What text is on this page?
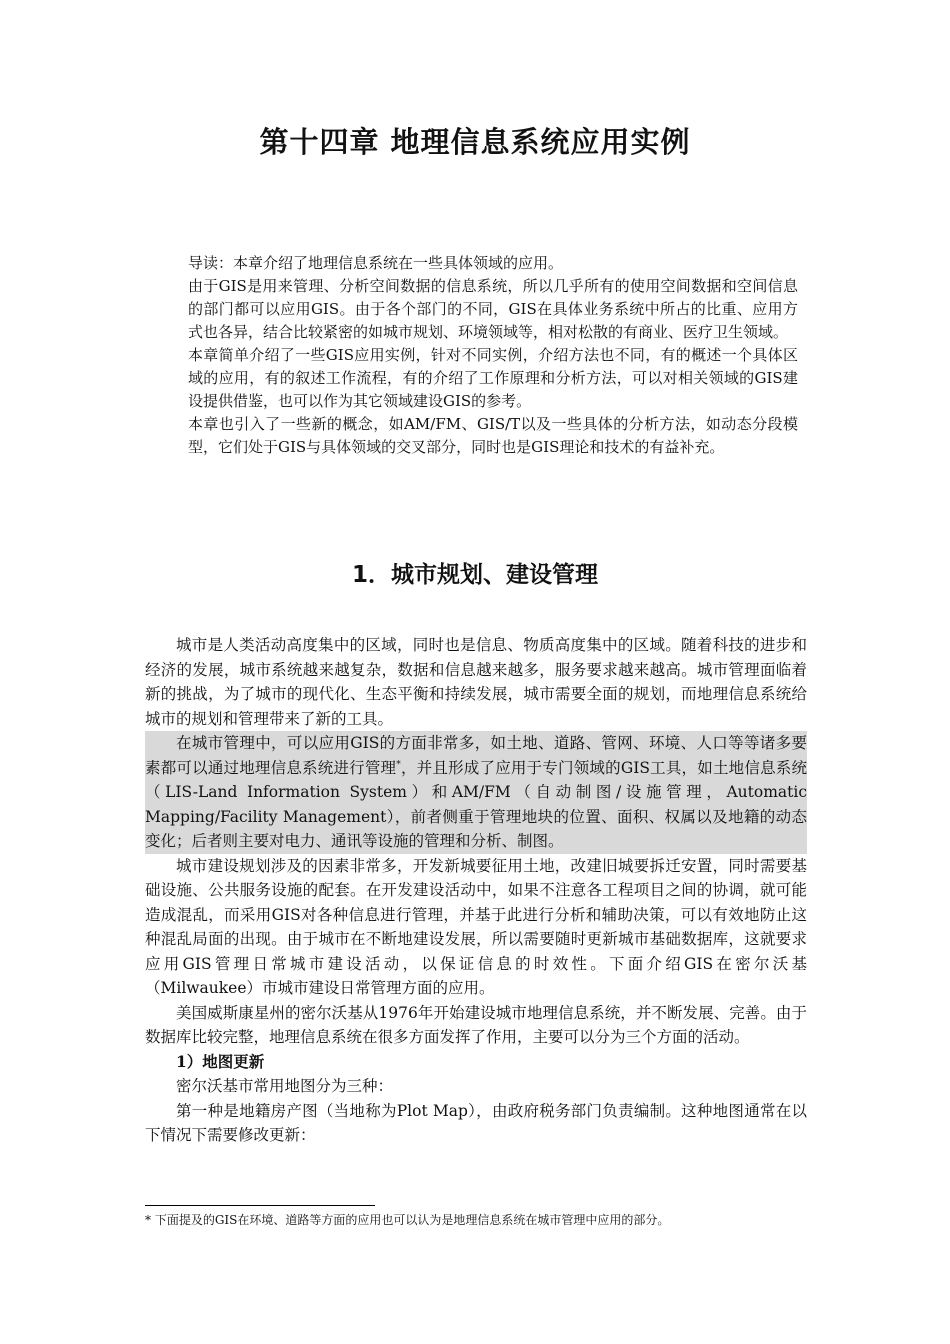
第十四章 地理信息系统应用实例

导读：本章介绍了地理信息系统在一些具体领域的应用。

由于GIS是用来管理、分析空间数据的信息系统，所以几乎所有的使用空间数据和空间信息的部门都可以应用GIS。由于各个部门的不同，GIS在具体业务系统中所占的比重、应用方式也各异，结合比较紧密的如城市规划、环境领域等，相对松散的有商业、医疗卫生领域。

本章简单介绍了一些GIS应用实例，针对不同实例，介绍方法也不同，有的概述一个具体区域的应用，有的叙述工作流程，有的介绍了工作原理和分析方法，可以对相关领域的GIS建设提供借鉴，也可以作为其它领域建设GIS的参考。

本章也引入了一些新的概念，如AM/FM、GIS/T以及一些具体的分析方法，如动态分段模型，它们处于GIS与具体领域的交叉部分，同时也是GIS理论和技术的有益补充。

1．城市规划、建设管理

城市是人类活动高度集中的区域，同时也是信息、物质高度集中的区域。随着科技的进步和经济的发展，城市系统越来越复杂，数据和信息越来越多，服务要求越来越高。城市管理面临着新的挑战，为了城市的现代化、生态平衡和持续发展，城市需要全面的规划，而地理信息系统给城市的规划和管理带来了新的工具。

在城市管理中，可以应用GIS的方面非常多，如土地、道路、管网、环境、人口等等诸多要素都可以通过地理信息系统进行管理*，并且形成了应用于专门领域的GIS工具，如土地信息系统（LIS-Land Information System）和AM/FM（自动制图/设施管理，Automatic Mapping/Facility Management），前者侧重于管理地块的位置、面积、权属以及地籍的动态变化；后者则主要对电力、通讯等设施的管理和分析、制图。

城市建设规划涉及的因素非常多，开发新城要征用土地，改建旧城要拆迁安置，同时需要基础设施、公共服务设施的配套。在开发建设活动中，如果不注意各工程项目之间的协调，就可能造成混乱，而采用GIS对各种信息进行管理，并基于此进行分析和辅助决策，可以有效地防止这种混乱局面的出现。由于城市在不断地建设发展，所以需要随时更新城市基础数据库，这就要求应用GIS管理日常城市建设活动，以保证信息的时效性。下面介绍GIS在密尔沃基（Milwaukee）市城市建设日常管理方面的应用。

美国威斯康星州的密尔沃基从1976年开始建设城市地理信息系统，并不断发展、完善。由于数据库比较完整，地理信息系统在很多方面发挥了作用，主要可以分为三个方面的活动。

1）地图更新

密尔沃基市常用地图分为三种：

第一种是地籍房产图（当地称为Plot Map），由政府税务部门负责编制。这种地图通常在以下情况下需要修改更新：

* 下面提及的GIS在环境、道路等方面的应用也可以认为是地理信息系统在城市管理中应用的部分。
